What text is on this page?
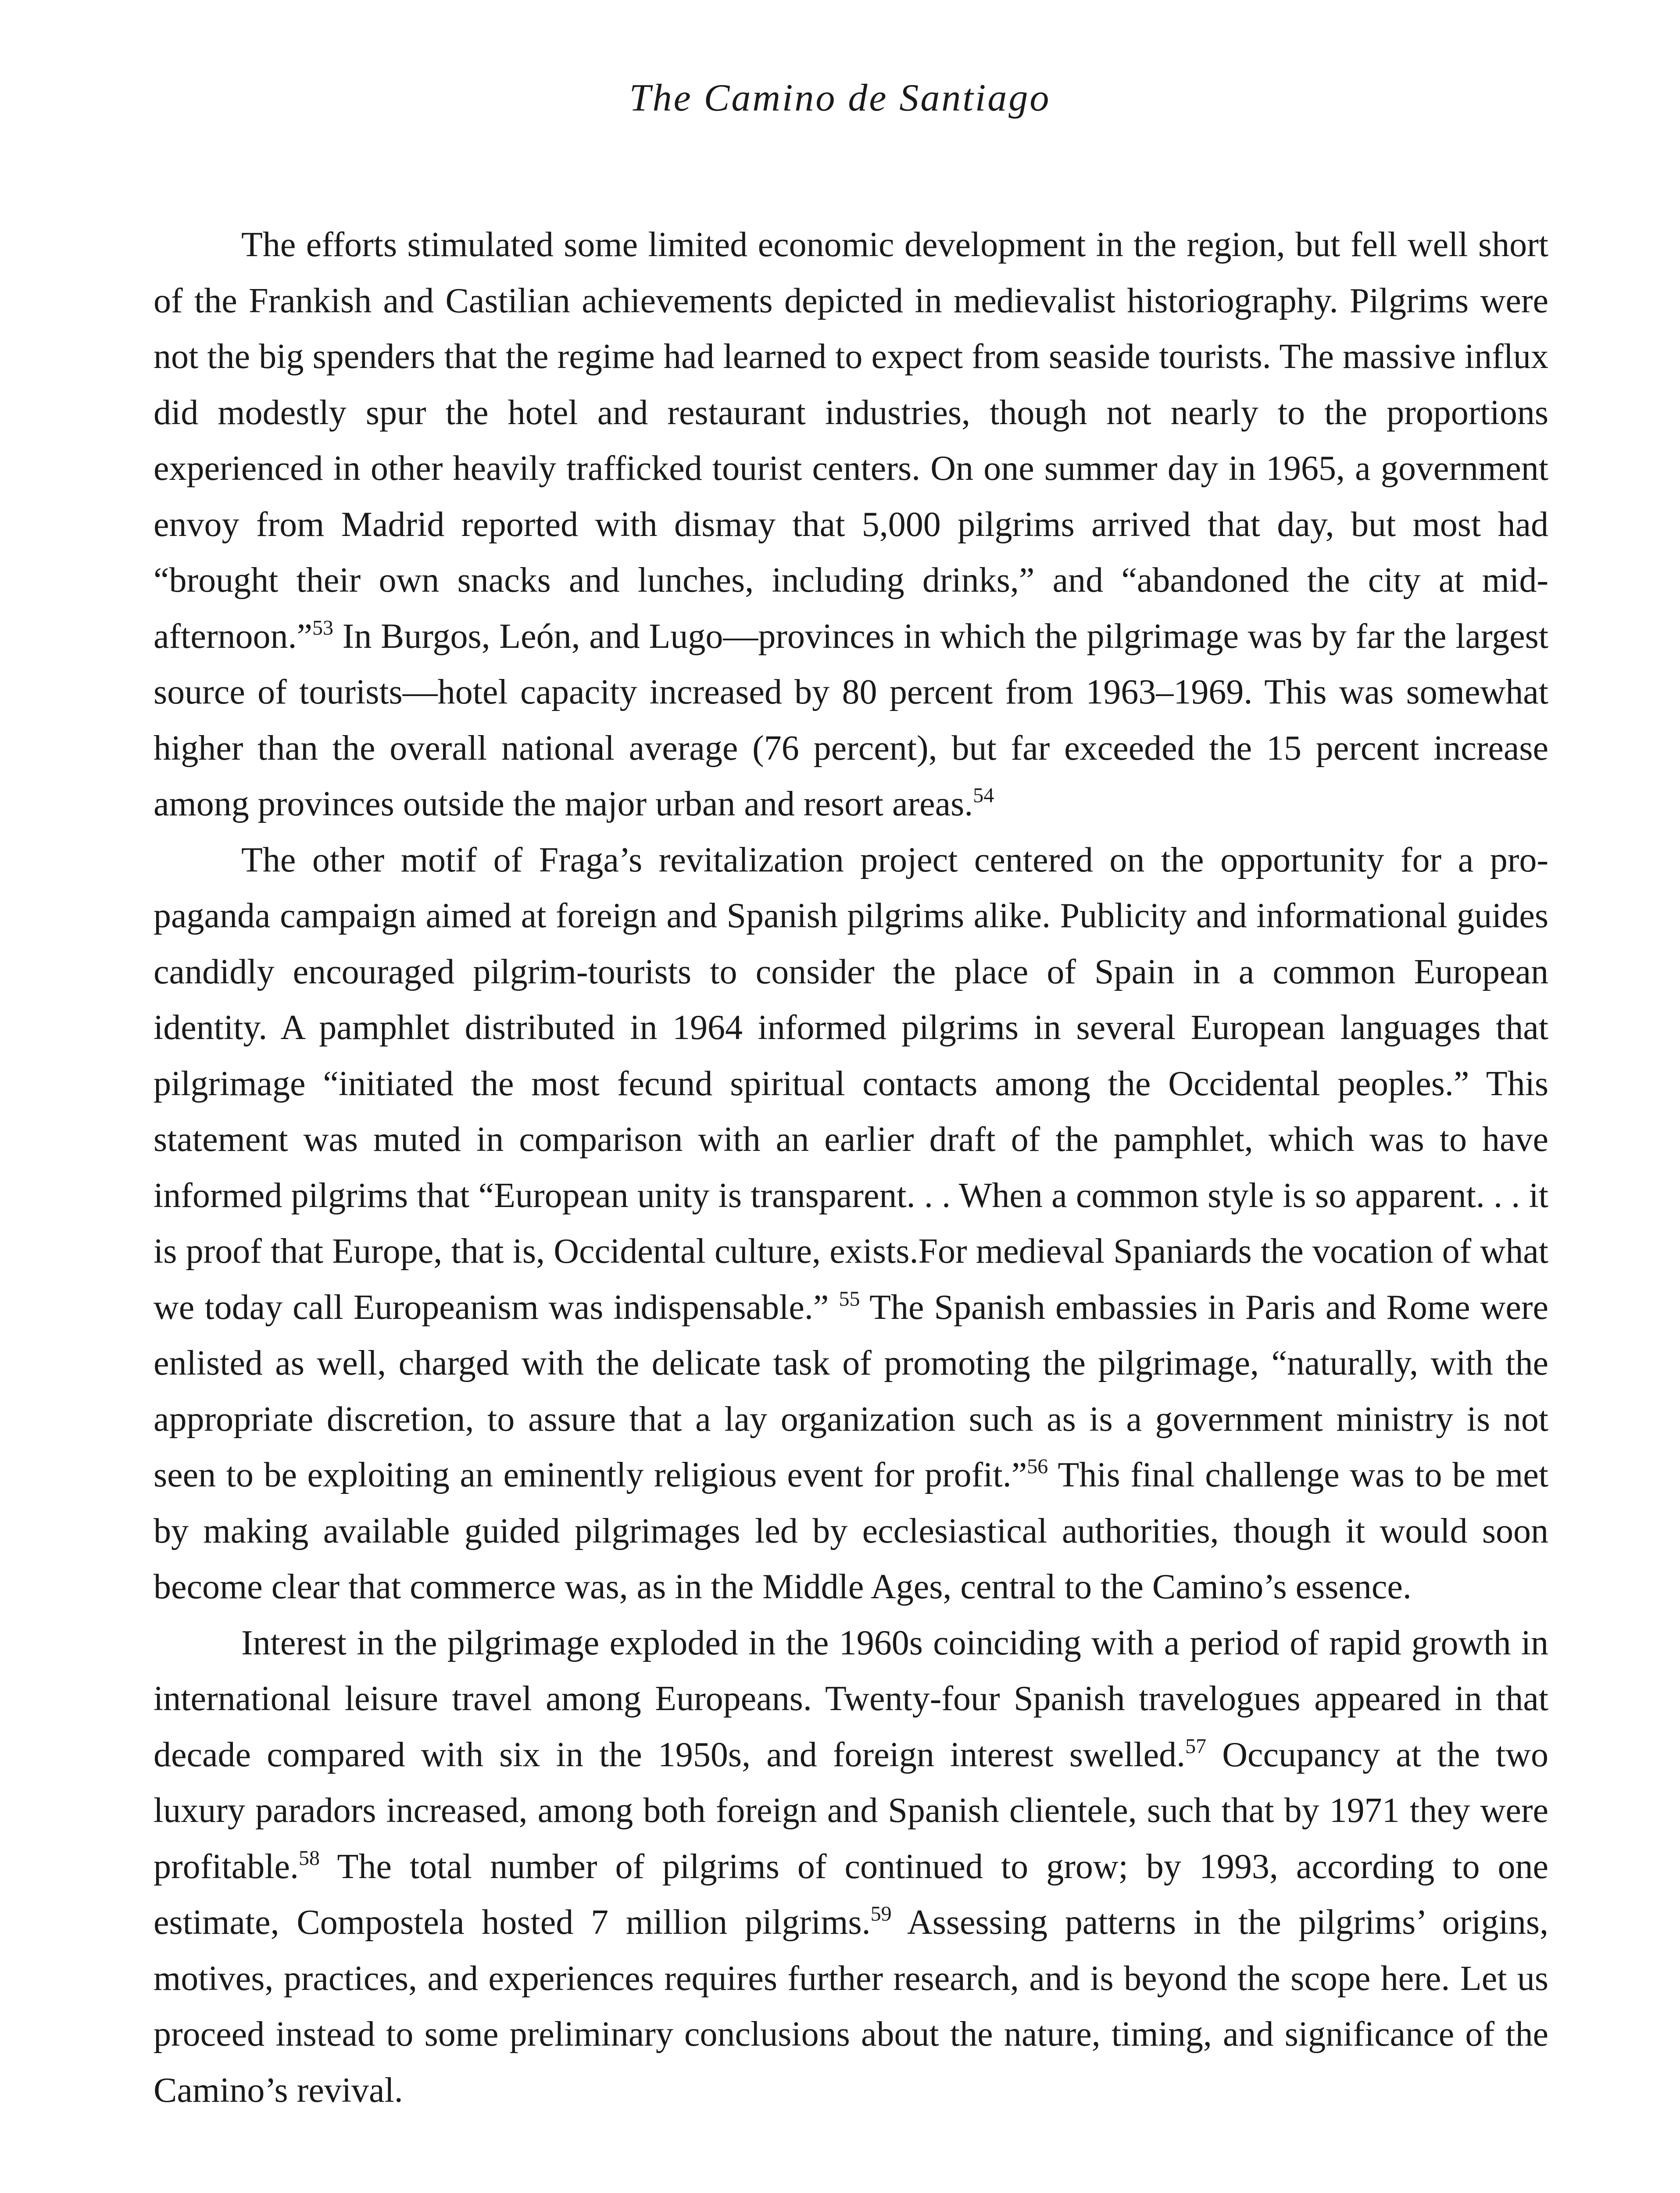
The Camino de Santiago

The efforts stimulated some limited economic development in the region, but fell well short of the Frankish and Castilian achievements depicted in medievalist historiography. Pilgrims were not the big spenders that the regime had learned to expect from seaside tourists. The massive influx did modestly spur the hotel and restaurant industries, though not nearly to the proportions experienced in other heavily trafficked tourist centers. On one summer day in 1965, a government envoy from Madrid reported with dismay that 5,000 pilgrims arrived that day, but most had “brought their own snacks and lunches, including drinks,” and “abandoned the city at mid-afternoon.”$^{53}$ In Burgos, León, and Lugo—provinces in which the pilgrimage was by far the largest source of tourists—hotel capacity increased by 80 percent from 1963–1969. This was somewhat higher than the overall national average (76 percent), but far exceeded the 15 percent increase among provinces outside the major urban and resort areas.$^{54}$

The other motif of Fraga’s revitalization project centered on the opportunity for a propaganda campaign aimed at foreign and Spanish pilgrims alike. Publicity and informational guides candidly encouraged pilgrim-tourists to consider the place of Spain in a common European identity. A pamphlet distributed in 1964 informed pilgrims in several European languages that pilgrimage “initiated the most fecund spiritual contacts among the Occidental peoples.” This statement was muted in comparison with an earlier draft of the pamphlet, which was to have informed pilgrims that “European unity is transparent. . . When a common style is so apparent. . . it is proof that Europe, that is, Occidental culture, exists.For medieval Spaniards the vocation of what we today call Europeanism was indispensable.” $^{55}$ The Spanish embassies in Paris and Rome were enlisted as well, charged with the delicate task of promoting the pilgrimage, “naturally, with the appropriate discretion, to assure that a lay organization such as is a government ministry is not seen to be exploiting an eminently religious event for profit.”$^{56}$ This final challenge was to be met by making available guided pilgrimages led by ecclesiastical authorities, though it would soon become clear that commerce was, as in the Middle Ages, central to the Camino’s essence.

Interest in the pilgrimage exploded in the 1960s coinciding with a period of rapid growth in international leisure travel among Europeans. Twenty-four Spanish travelogues appeared in that decade compared with six in the 1950s, and foreign interest swelled.$^{57}$ Occupancy at the two luxury paradors increased, among both foreign and Spanish clientele, such that by 1971 they were profitable.$^{58}$ The total number of pilgrims of continued to grow; by 1993, according to one estimate, Compostela hosted 7 million pilgrims.$^{59}$ Assessing patterns in the pilgrims’ origins, motives, practices, and experiences requires further research, and is beyond the scope here. Let us proceed instead to some preliminary conclusions about the nature, timing, and significance of the Camino’s revival.
